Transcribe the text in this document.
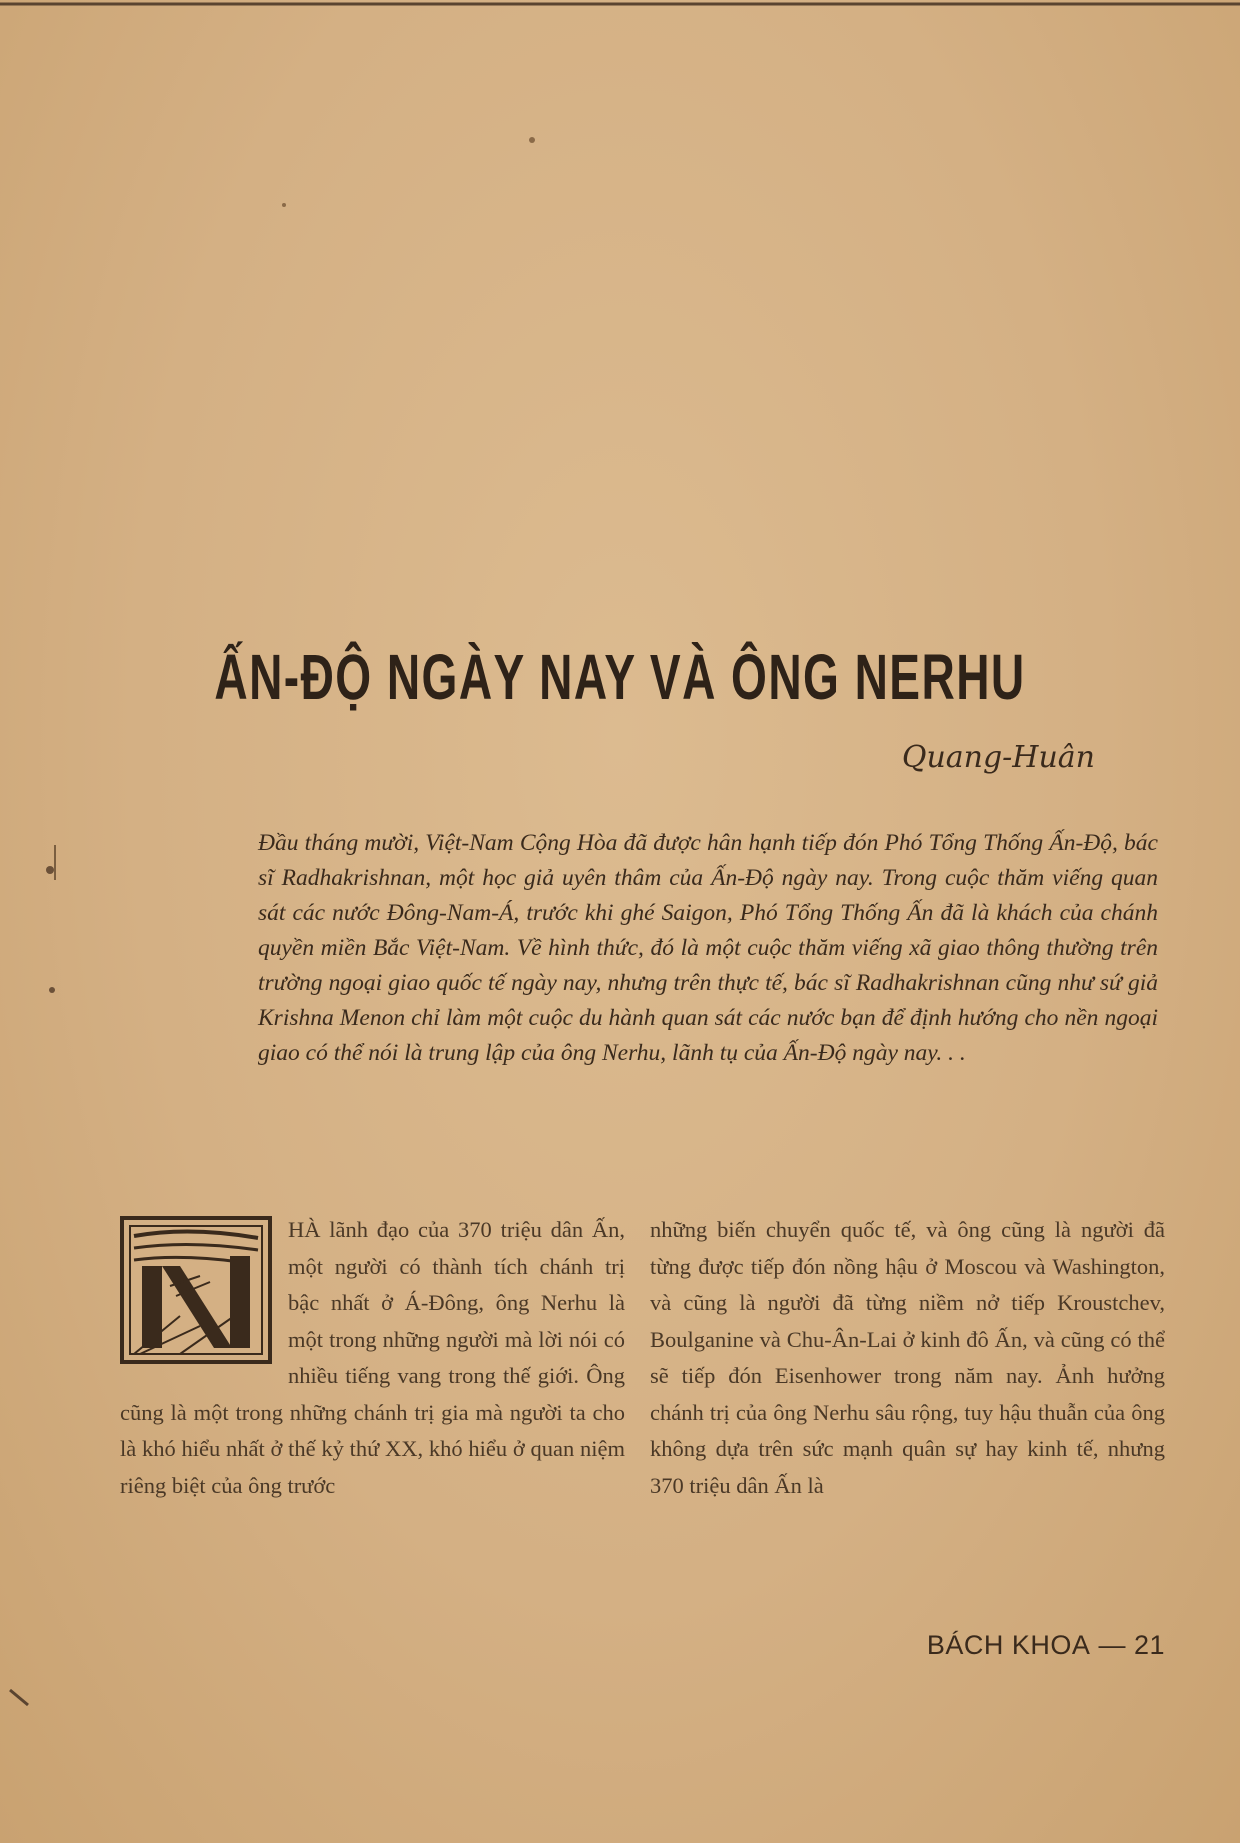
ẤN-ĐỘ NGÀY NAY VÀ ÔNG NERHU
Quang-Huân
Đầu tháng mười, Việt-Nam Cộng Hòa đã được hân hạnh tiếp đón Phó Tổng Thống Ấn-Độ, bác sĩ Radhakrishnan, một học giả uyên thâm của Ấn-Độ ngày nay. Trong cuộc thăm viếng quan sát các nước Đông-Nam-Á, trước khi ghé Saigon, Phó Tổng Thống Ấn đã là khách của chánh quyền miền Bắc Việt-Nam. Về hình thức, đó là một cuộc thăm viếng xã giao thông thường trên trường ngoại giao quốc tế ngày nay, nhưng trên thực tế, bác sĩ Radhakrishnan cũng như sứ giả Krishna Menon chỉ làm một cuộc du hành quan sát các nước bạn để định hướng cho nền ngoại giao có thể nói là trung lập của ông Nerhu, lãnh tụ của Ấn-Độ ngày nay. . .
HÀ lãnh đạo của 370 triệu dân Ấn, một người có thành tích chánh trị bậc nhất ở Á-Đông, ông Nerhu là một trong những người mà lời nói có nhiều tiếng vang trong thế giới. Ông cũng là một trong những chánh trị gia mà người ta cho là khó hiểu nhất ở thế kỷ thứ XX, khó hiểu ở quan niệm riêng biệt của ông trước
những biến chuyển quốc tế, và ông cũng là người đã từng được tiếp đón nồng hậu ở Moscou và Washington, và cũng là người đã từng niềm nở tiếp Kroustchev, Boulganine và Chu-Ân-Lai ở kinh đô Ấn, và cũng có thể sẽ tiếp đón Eisenhower trong năm nay. Ảnh hưởng chánh trị của ông Nerhu sâu rộng, tuy hậu thuẫn của ông không dựa trên sức mạnh quân sự hay kinh tế, nhưng 370 triệu dân Ấn là
BÁCH KHOA — 21
